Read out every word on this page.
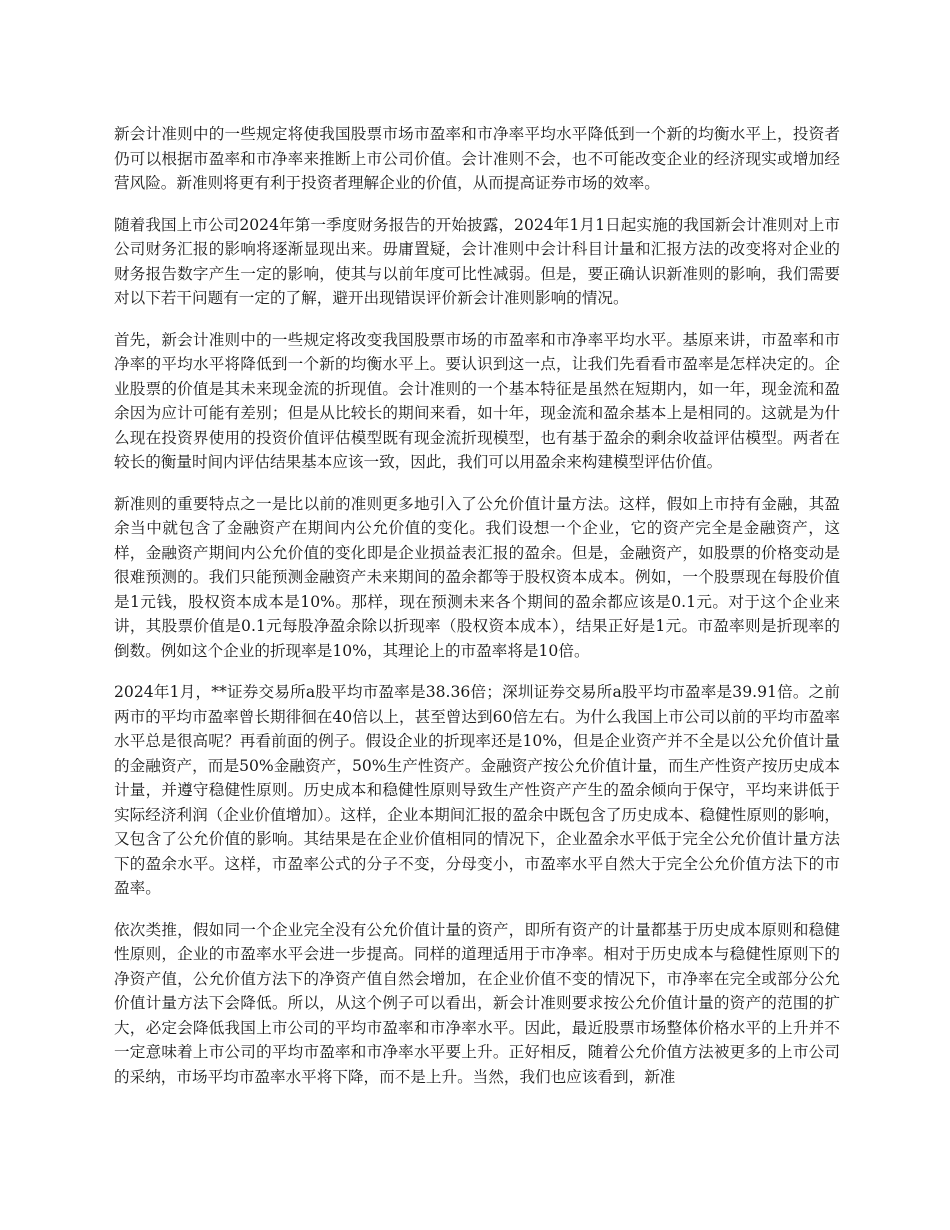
新会计准则中的一些规定将使我国股票市场市盈率和市净率平均水平降低到一个新的均衡水平上，投资者仍可以根据市盈率和市净率来推断上市公司价值。会计准则不会，也不可能改变企业的经济现实或增加经营风险。新准则将更有利于投资者理解企业的价值，从而提高证券市场的效率。

随着我国上市公司2024年第一季度财务报告的开始披露，2024年1月1日起实施的我国新会计准则对上市公司财务汇报的影响将逐渐显现出来。毋庸置疑，会计准则中会计科目计量和汇报方法的改变将对企业的财务报告数字产生一定的影响，使其与以前年度可比性减弱。但是，要正确认识新准则的影响，我们需要对以下若干问题有一定的了解，避开出现错误评价新会计准则影响的情况。

首先，新会计准则中的一些规定将改变我国股票市场的市盈率和市净率平均水平。基原来讲，市盈率和市净率的平均水平将降低到一个新的均衡水平上。要认识到这一点，让我们先看看市盈率是怎样决定的。企业股票的价值是其未来现金流的折现值。会计准则的一个基本特征是虽然在短期内，如一年，现金流和盈余因为应计可能有差别；但是从比较长的期间来看，如十年，现金流和盈余基本上是相同的。这就是为什么现在投资界使用的投资价值评估模型既有现金流折现模型，也有基于盈余的剩余收益评估模型。两者在较长的衡量时间内评估结果基本应该一致，因此，我们可以用盈余来构建模型评估价值。

新准则的重要特点之一是比以前的准则更多地引入了公允价值计量方法。这样，假如上市持有金融，其盈余当中就包含了金融资产在期间内公允价值的变化。我们设想一个企业，它的资产完全是金融资产，这样，金融资产期间内公允价值的变化即是企业损益表汇报的盈余。但是，金融资产，如股票的价格变动是很难预测的。我们只能预测金融资产未来期间的盈余都等于股权资本成本。例如，一个股票现在每股价值是1元钱，股权资本成本是10%。那样，现在预测未来各个期间的盈余都应该是0.1元。对于这个企业来讲，其股票价值是0.1元每股净盈余除以折现率（股权资本成本），结果正好是1元。市盈率则是折现率的倒数。例如这个企业的折现率是10%，其理论上的市盈率将是10倍。

2024年1月，**证券交易所a股平均市盈率是38.36倍；深圳证券交易所a股平均市盈率是39.91倍。之前两市的平均市盈率曾长期徘徊在40倍以上，甚至曾达到60倍左右。为什么我国上市公司以前的平均市盈率水平总是很高呢？再看前面的例子。假设企业的折现率还是10%，但是企业资产并不全是以公允价值计量的金融资产，而是50%金融资产，50%生产性资产。金融资产按公允价值计量，而生产性资产按历史成本计量，并遵守稳健性原则。历史成本和稳健性原则导致生产性资产产生的盈余倾向于保守，平均来讲低于实际经济利润（企业价值增加）。这样，企业本期间汇报的盈余中既包含了历史成本、稳健性原则的影响，又包含了公允价值的影响。其结果是在企业价值相同的情况下，企业盈余水平低于完全公允价值计量方法下的盈余水平。这样，市盈率公式的分子不变，分母变小，市盈率水平自然大于完全公允价值方法下的市盈率。

依次类推，假如同一个企业完全没有公允价值计量的资产，即所有资产的计量都基于历史成本原则和稳健性原则，企业的市盈率水平会进一步提高。同样的道理适用于市净率。相对于历史成本与稳健性原则下的净资产值，公允价值方法下的净资产值自然会增加，在企业价值不变的情况下，市净率在完全或部分公允价值计量方法下会降低。所以，从这个例子可以看出，新会计准则要求按公允价值计量的资产的范围的扩大，必定会降低我国上市公司的平均市盈率和市净率水平。因此，最近股票市场整体价格水平的上升并不一定意味着上市公司的平均市盈率和市净率水平要上升。正好相反，随着公允价值方法被更多的上市公司的采纳，市场平均市盈率水平将下降，而不是上升。当然，我们也应该看到，新准
